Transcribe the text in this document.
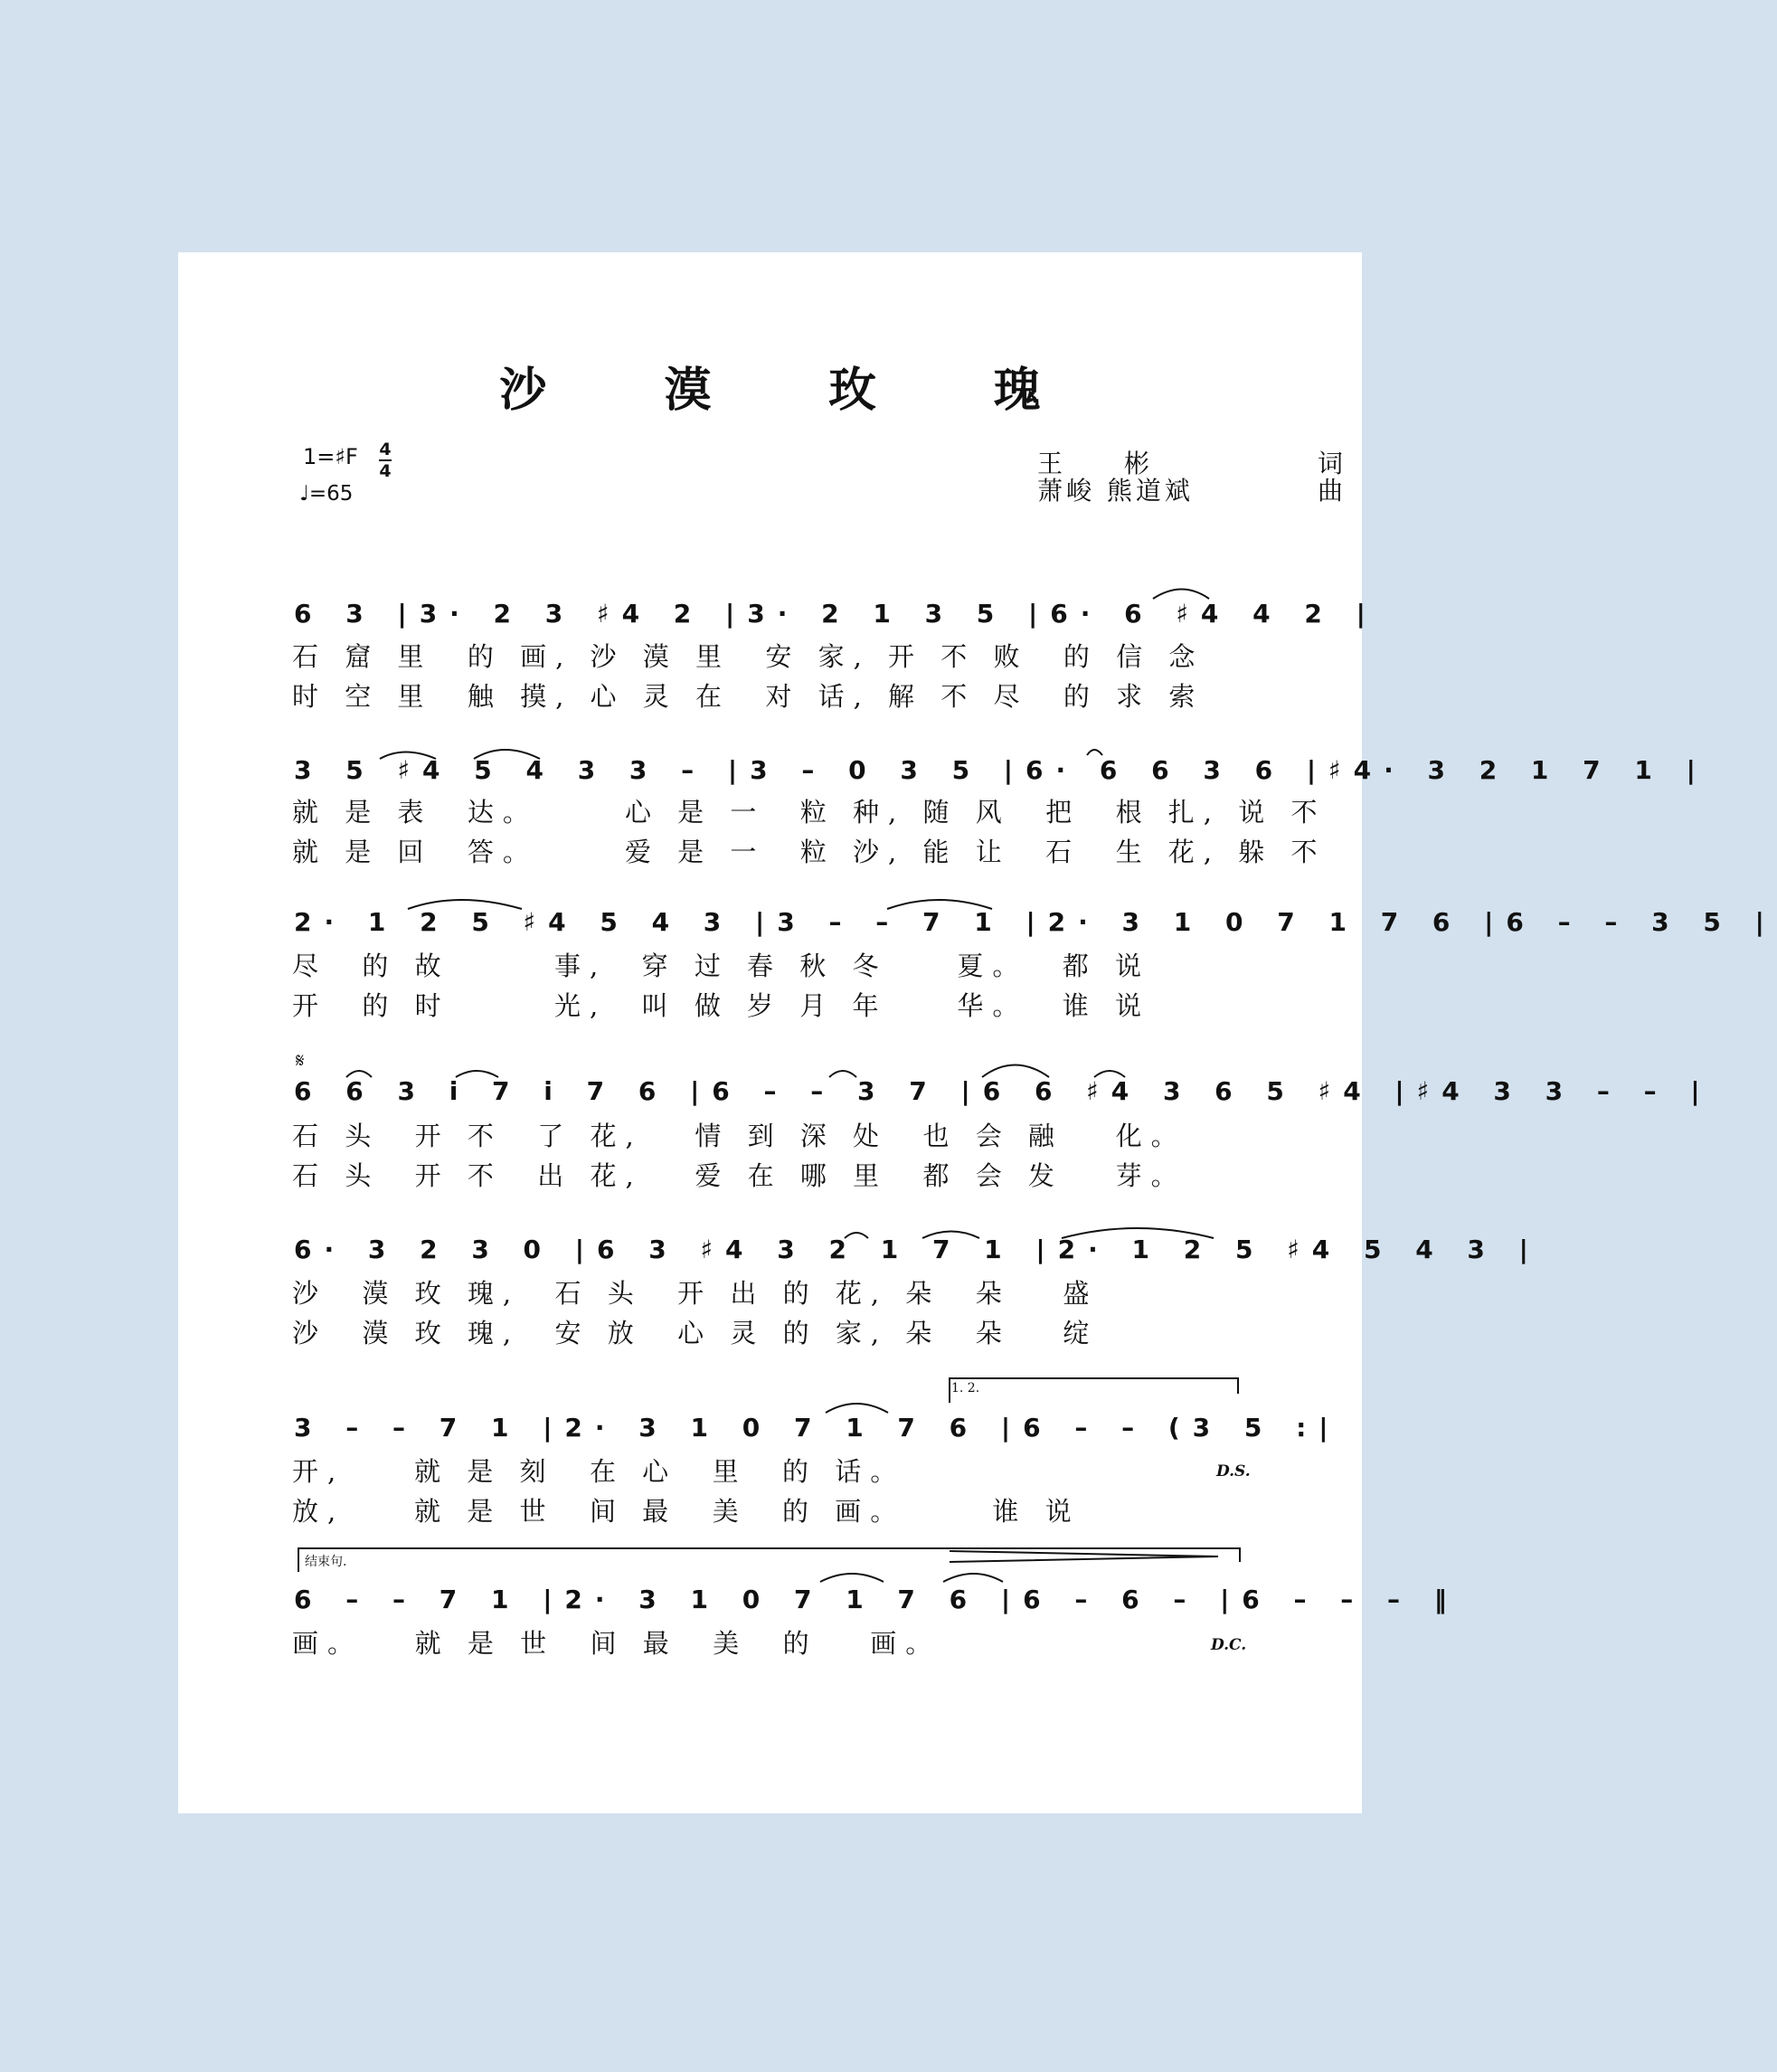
沙 漠 玫 瑰
1=♯F 4
4
♩=65
王　　彬	词
萧峻 熊道斌	曲
6 3 |3· 2 3 ♯4 2 |3· 2 1 3 5 |6· 6 ♯4 4 2 |
石 窟 里  的 画, 沙 漠 里  安 家, 开 不 败  的 信 念
时 空 里  触 摸, 心 灵 在  对 话, 解 不 尽  的 求 索
3 5 ♯4 5 4 3 3 – |3 – 0 3 5 |6· 6 6 3 6 |♯4· 3 2 1 7 1 |
就 是 表  达。     心 是 一  粒 种, 随 风  把  根 扎, 说 不
就 是 回  答。     爱 是 一  粒 沙, 能 让  石  生 花, 躲 不
2· 1 2 5 ♯4 5 4 3 |3 – – 7 1 |2· 3 1 0 7 1 7 6 |6 – – 3 5 |
尽  的 故      事,  穿 过 春 秋 冬    夏。  都 说
开  的 时      光,  叫 做 岁 月 年    华。  谁 说
𝄋
6 6 3 i 7 i 7 6 |6 – – 3 7 |6 6 ♯4 3 6 5 ♯4 |♯4 3 3 – – |
石 头  开 不  了 花,   情 到 深 处  也 会 融   化。
石 头  开 不  出 花,   爱 在 哪 里  都 会 发   芽。
6· 3 2 3 0 |6 3 ♯4 3 2 1 7 1 |2· 1 2 5 ♯4 5 4 3 |
沙  漠 玫 瑰,  石 头  开 出 的 花, 朵  朵   盛
沙  漠 玫 瑰,  安 放  心 灵 的 家, 朵  朵   绽
1. 2.
3 – – 7 1 |2· 3 1 0 7 1 7 6 |6 – – (3 5 :|
开,    就 是 刻  在 心  里  的 话。
放,    就 是 世  间 最  美  的 画。     谁 说
D.S.
结束句.
6 – – 7 1 |2· 3 1 0 7 1 7 6 |6 – 6 – |6 – – – ‖
画。   就 是 世  间 最  美  的   画。	D.C.
